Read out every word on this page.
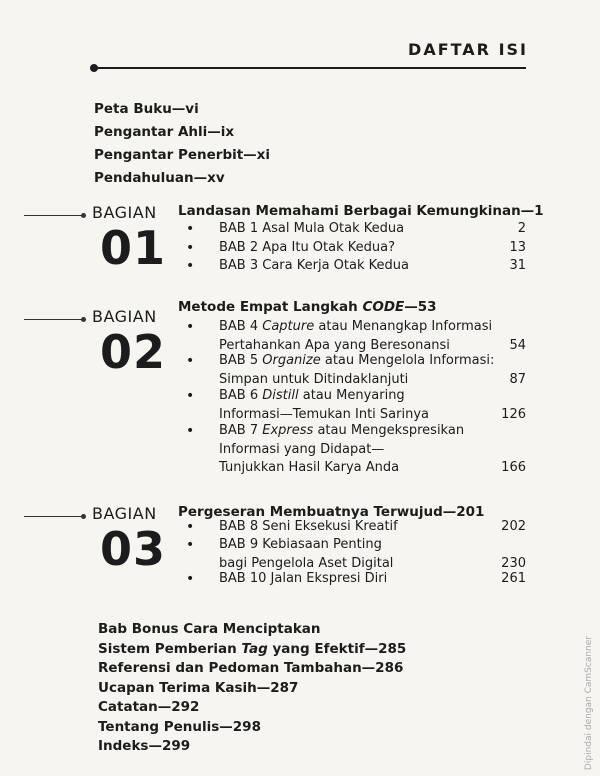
DAFTAR ISI
Peta Buku—vi
Pengantar Ahli—ix
Pengantar Penerbit—xi
Pendahuluan—xv
BAGIAN
01
Landasan Memahami Berbagai Kemungkinan—1
•	BAB 1 Asal Mula Otak Kedua	2
•	BAB 2 Apa Itu Otak Kedua?	13
•	BAB 3 Cara Kerja Otak Kedua	31
BAGIAN
02
Metode Empat Langkah CODE—53
•	BAB 4 Capture atau Menangkap Informasi
Pertahankan Apa yang Beresonansi	54
•	BAB 5 Organize atau Mengelola Informasi:
Simpan untuk Ditindaklanjuti	87
•	BAB 6 Distill atau Menyaring
Informasi—Temukan Inti Sarinya	126
•	BAB 7 Express atau Mengekspresikan
Informasi yang Didapat—
Tunjukkan Hasil Karya Anda	166
BAGIAN
03
Pergeseran Membuatnya Terwujud—201
•	BAB 8 Seni Eksekusi Kreatif	202
•	BAB 9 Kebiasaan Penting
bagi Pengelola Aset Digital	230
•	BAB 10 Jalan Ekspresi Diri	261
Bab Bonus Cara Menciptakan
Sistem Pemberian Tag yang Efektif—285
Referensi dan Pedoman Tambahan—286
Ucapan Terima Kasih—287
Catatan—292
Tentang Penulis—298
Indeks—299	Dipindai dengan CamScanner
